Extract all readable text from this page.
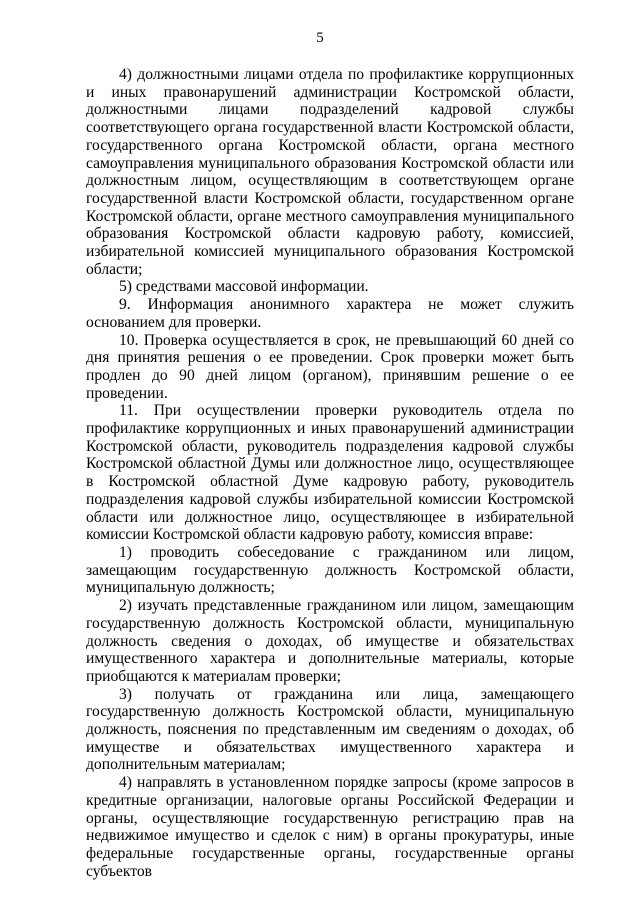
5

4) должностными лицами отдела по профилактике коррупционных и иных правонарушений администрации Костромской области, должностными лицами подразделений кадровой службы соответствующего органа государственной власти Костромской области, государственного органа Костромской области, органа местного самоуправления муниципального образования Костромской области или должностным лицом, осуществляющим в соответствующем органе государственной власти Костромской области, государственном органе Костромской области, органе местного самоуправления муниципального образования Костромской области кадровую работу, комиссией, избирательной комиссией муниципального образования Костромской области;

5) средствами массовой информации.

9. Информация анонимного характера не может служить основанием для проверки.

10. Проверка осуществляется в срок, не превышающий 60 дней со дня принятия решения о ее проведении. Срок проверки может быть продлен до 90 дней лицом (органом), принявшим решение о ее проведении.

11. При осуществлении проверки руководитель отдела по профилактике коррупционных и иных правонарушений администрации Костромской области, руководитель подразделения кадровой службы Костромской областной Думы или должностное лицо, осуществляющее в Костромской областной Думе кадровую работу, руководитель подразделения кадровой службы избирательной комиссии Костромской области или должностное лицо, осуществляющее в избирательной комиссии Костромской области кадровую работу, комиссия вправе:

1) проводить собеседование с гражданином или лицом, замещающим государственную должность Костромской области, муниципальную должность;

2) изучать представленные гражданином или лицом, замещающим государственную должность Костромской области, муниципальную должность сведения о доходах, об имуществе и обязательствах имущественного характера и дополнительные материалы, которые приобщаются к материалам проверки;

3) получать от гражданина или лица, замещающего государственную должность Костромской области, муниципальную должность, пояснения по представленным им сведениям о доходах, об имуществе и обязательствах имущественного характера и дополнительным материалам;

4) направлять в установленном порядке запросы (кроме запросов в кредитные организации, налоговые органы Российской Федерации и органы, осуществляющие государственную регистрацию прав на недвижимое имущество и сделок с ним) в органы прокуратуры, иные федеральные государственные органы, государственные органы субъектов
